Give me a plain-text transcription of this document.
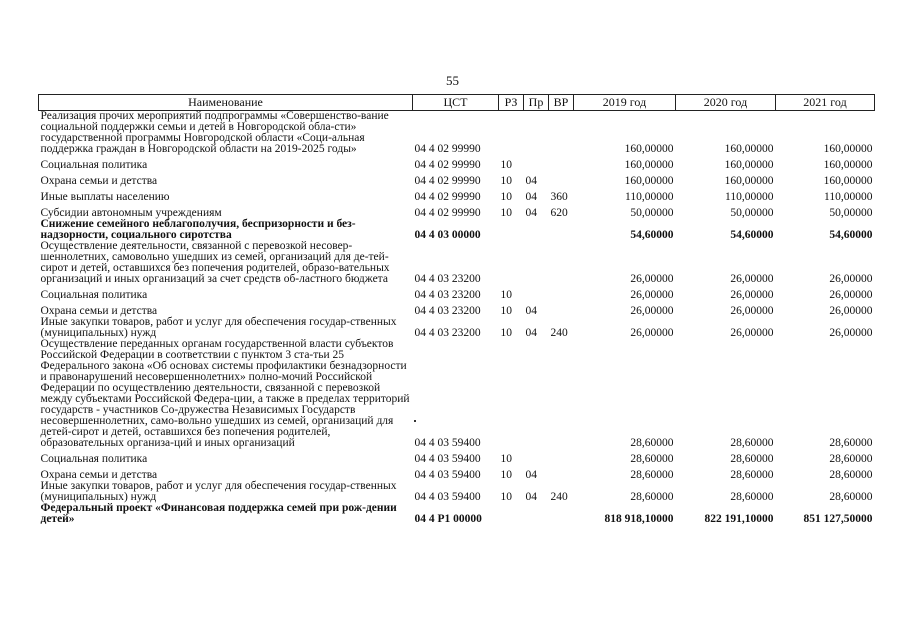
55
Наименование	ЦСТ	РЗ	Пр	ВР	2019 год	2020 год	2021 год
Реализация прочих мероприятий подпрограммы «Совершенство-вание социальной поддержки семьи и детей в Новгородской обла-сти» государственной программы Новгородской области «Соци-альная поддержка граждан в Новгородской области на 2019-2025 годы»	04 4 02 99990				160,00000	160,00000	160,00000
Социальная политика	04 4 02 99990	10			160,00000	160,00000	160,00000
Охрана семьи и детства	04 4 02 99990	10	04		160,00000	160,00000	160,00000
Иные выплаты населению	04 4 02 99990	10	04	360	110,00000	110,00000	110,00000
Субсидии автономным учреждениям	04 4 02 99990	10	04	620	50,00000	50,00000	50,00000
Снижение семейного неблагополучия, беспризорности и без-надзорности, социального сиротства	04 4 03 00000				54,60000	54,60000	54,60000
Осуществление деятельности, связанной с перевозкой несовер-шеннолетних, самовольно ушедших из семей, организаций для де-тей-сирот и детей, оставшихся без попечения родителей, образо-вательных организаций и иных организаций за счет средств об-ластного бюджета	04 4 03 23200				26,00000	26,00000	26,00000
Социальная политика	04 4 03 23200	10			26,00000	26,00000	26,00000
Охрана семьи и детства	04 4 03 23200	10	04		26,00000	26,00000	26,00000
Иные закупки товаров, работ и услуг для обеспечения государ-ственных (муниципальных) нужд	04 4 03 23200	10	04	240	26,00000	26,00000	26,00000
Осуществление переданных органам государственной власти субъектов Российской Федерации в соответствии с пунктом 3 ста-тьи 25 Федерального закона «Об основах системы профилактики безнадзорности и правонарушений несовершеннолетних» полно-мочий Российской Федерации по осуществлению деятельности, связанной с перевозкой между субъектами Российской Федера-ции, а также в пределах территорий государств - участников Со-дружества Независимых Государств несовершеннолетних, само-вольно ушедших из семей, организаций для детей-сирот и детей, оставшихся без попечения родителей, образовательных организа-ций и иных организаций	04 4 03 59400				28,60000	28,60000	28,60000
Социальная политика	04 4 03 59400	10			28,60000	28,60000	28,60000
Охрана семьи и детства	04 4 03 59400	10	04		28,60000	28,60000	28,60000
Иные закупки товаров, работ и услуг для обеспечения государ-ственных (муниципальных) нужд	04 4 03 59400	10	04	240	28,60000	28,60000	28,60000
Федеральный проект «Финансовая поддержка семей при рож-дении детей»	04 4 P1 00000				818 918,10000	822 191,10000	851 127,50000
